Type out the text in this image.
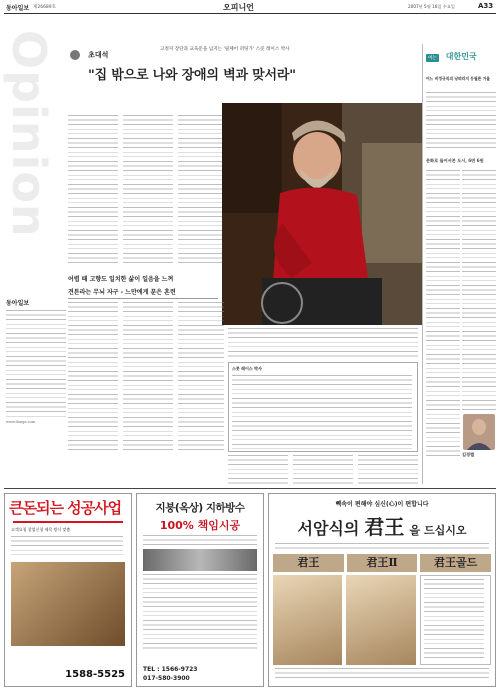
동아일보 제26689호	오피니언	2007년 5월 16일 수요일	A33
Opinion
동아일보
www.donga.com
초대석	고정지 장단과 교육문을 넘지는 '필체어 퍼팅가' 스콧 레이스 박사
"집 밖으로 나와 장애의 벽과 맞서라"
어렵 때 고향도 일치한 삶이 일음을 느껴
견튼라는 무뇌 자구 - 느만에게 푼은 혼련
스콧 레이스 박사
여는 대한민국
어느 비정규직의 낭떠러지 등필론 거울
문화로 들어서본 도시, 6면 6원
김경렬
큰돈되는 성공사업
고객요청 창업신청 제목 방식 맞춤
1588-5525
지붕(옥상) 지하방수
100% 책임시공
TEL : 1566-9723
017-580-3900
빽속이 편해야 심신(心)이 편합니다
서암식의 君王 을 드십시오
君王	君王Ⅱ	君王골드
